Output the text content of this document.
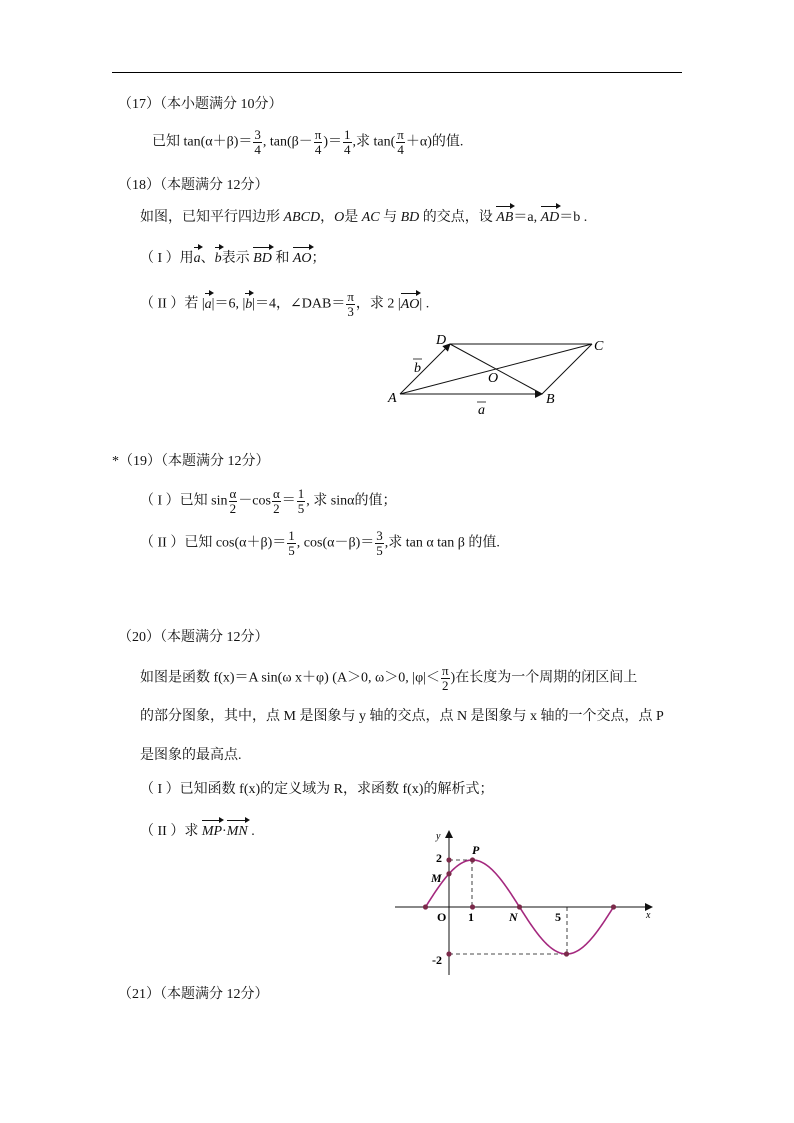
（17）（本小题满分 10分）
已知 $\tan(\alpha+\beta)= \frac{3}{4}$ , $\tan(\beta- \frac{\pi}{4}$ )＝ $\frac{1}{4}$ ,求 $\tan( \frac{\pi}{4} +\alpha)$的值.
（18）（本题满分 12分）
如图，已知平行四边形 ABCD，O是 AC 与 BD 的交点，设 AB＝a, AD＝b .
（ I ）用a、b表示 BD 和 AO；
（ II ）若 |a|＝6, |b|＝4，∠DAB＝ $\frac{\pi}{3}$ ，求 2 |AO| .
A	B
C
D
O
a
b
*（19）（本题满分 12分）
（ I ）已知 $\sin \frac{\alpha}{2} -\cos \frac{\alpha}{2} = \frac{1}{5}$ , 求 sinα的值；
（ II ）已知 $\cos(\alpha+\beta)= \frac{1}{5}$ , $\cos(\alpha-\beta)= \frac{3}{5}$ ,求 tan α tan β 的值.
（20）（本题满分 12分）
如图是函数 f(x)＝A sin(ω x＋φ) (A＞0, ω＞0, $|\varphi|< \frac{\pi}{2}$ )在长度为一个周期的闭区间上
的部分图象，其中，点 M 是图象与 y 轴的交点，点 N 是图象与 x 轴的一个交点，点 P
是图象的最高点.
（ I ）已知函数 f(x)的定义域为 R，求函数 f(x)的解析式；
（ II ）求 MP·MN .	y
x
O
M
N
P
2
-2
1	5
（21）（本题满分 12分）
